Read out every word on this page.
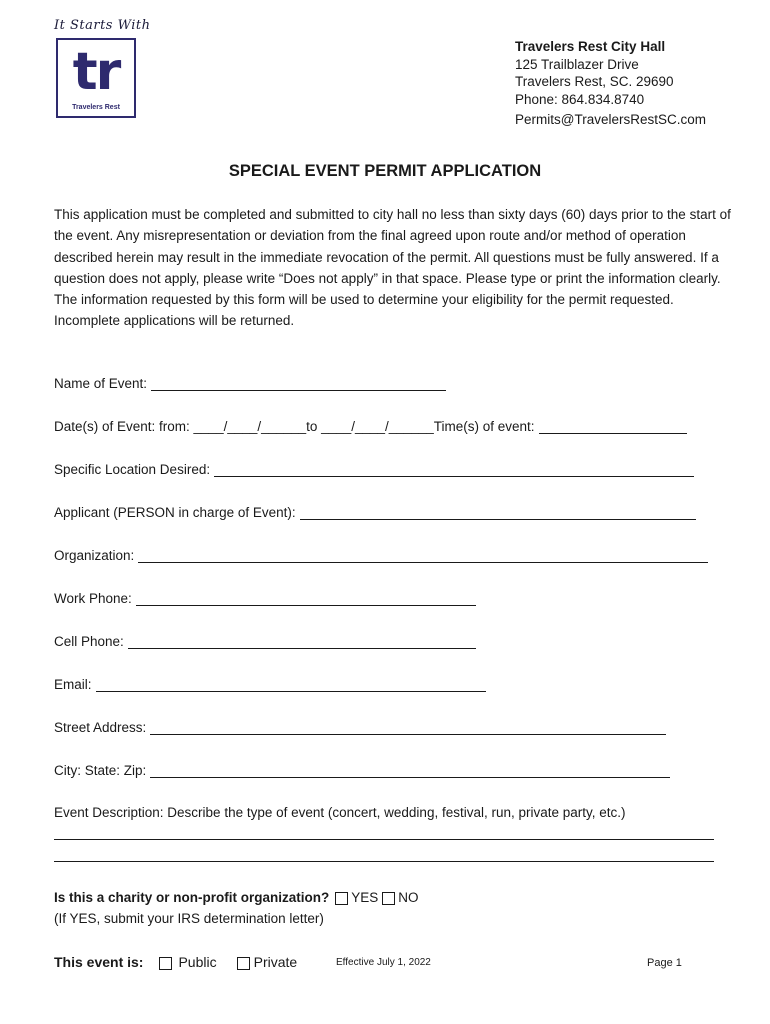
It Starts With
tr
Travelers Rest
Travelers Rest City Hall
125 Trailblazer Drive
Travelers Rest, SC. 29690
Phone: 864.834.8740
Permits@TravelersRestSC.com
SPECIAL EVENT PERMIT APPLICATION

This application must be completed and submitted to city hall no less than sixty days (60) days prior to the start of the event. Any misrepresentation or deviation from the final agreed upon route and/or method of operation described herein may result in the immediate revocation of the permit. All questions must be fully answered. If a question does not apply, please write “Does not apply” in that space. Please type or print the information clearly.

The information requested by this form will be used to determine your eligibility for the permit requested. Incomplete applications will be returned.

Name of Event:
Date(s) of Event: from: ____/____/______to ____/____/______Time(s) of event:
Specific Location Desired:
Applicant (PERSON in charge of Event):
Organization:
Work Phone:
Cell Phone:
Email:
Street Address:
City: State: Zip:
Event Description: Describe the type of event (concert, wedding, festival, run, private party, etc.)
Is this a charity or non-profit organization? YES NO
(If YES, submit your IRS determination letter)
This event is:	Public	Private	Effective July 1, 2022	Page 1
